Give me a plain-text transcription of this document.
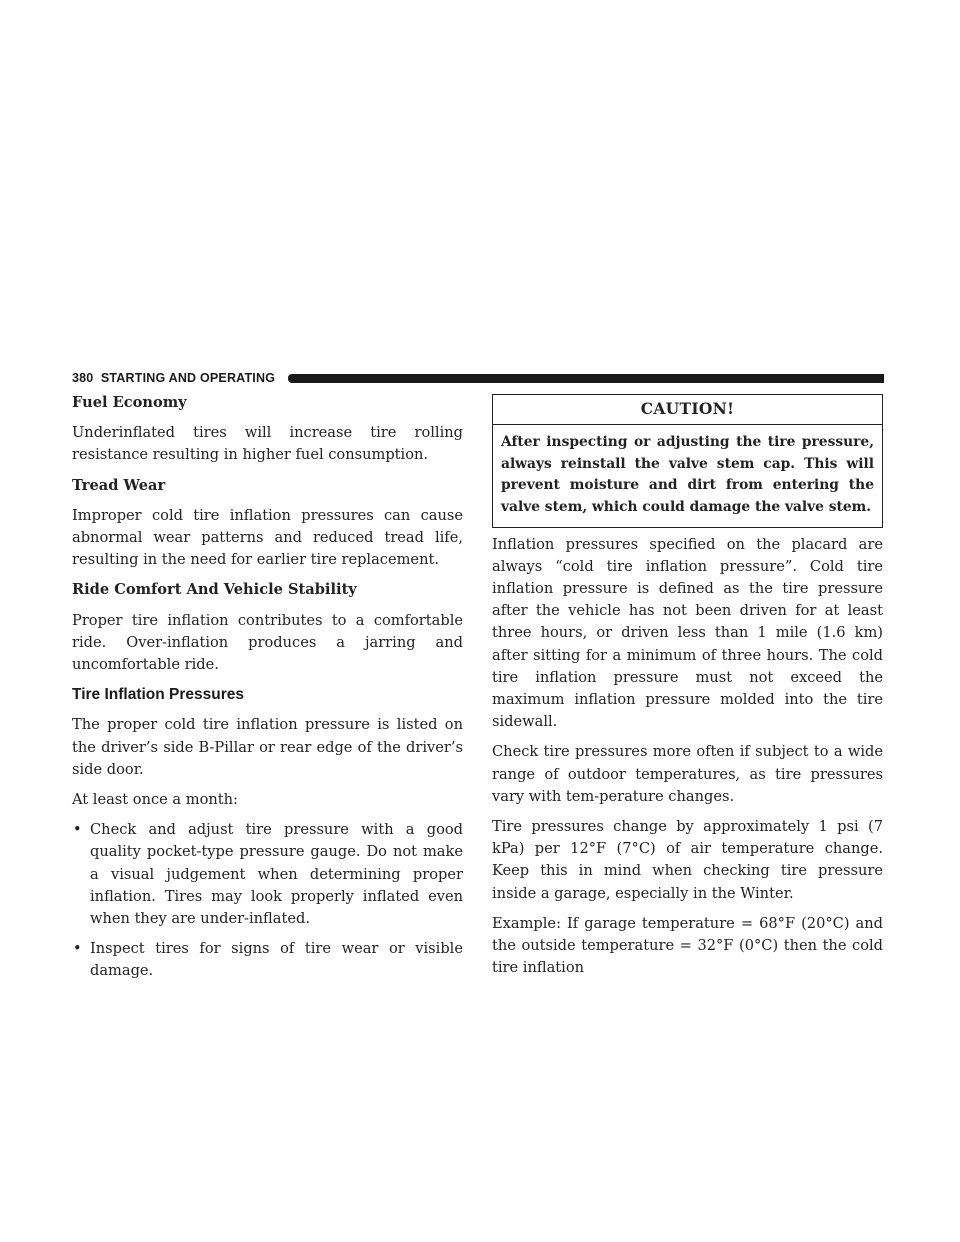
380 STARTING AND OPERATING
Fuel Economy

Underinflated tires will increase tire rolling resistance resulting in higher fuel consumption.

Tread Wear

Improper cold tire inflation pressures can cause abnormal wear patterns and reduced tread life, resulting in the need for earlier tire replacement.

Ride Comfort And Vehicle Stability

Proper tire inflation contributes to a comfortable ride. Over-inflation produces a jarring and uncomfortable ride.

Tire Inflation Pressures

The proper cold tire inflation pressure is listed on the driver’s side B-Pillar or rear edge of the driver’s side door.

At least once a month:

• Check and adjust tire pressure with a good quality pocket-type pressure gauge. Do not make a visual judgement when determining proper inflation. Tires may look properly inflated even when they are under-inflated.
• Inspect tires for signs of tire wear or visible damage.
CAUTION!
After inspecting or adjusting the tire pressure, always reinstall the valve stem cap. This will prevent moisture and dirt from entering the valve stem, which could damage the valve stem.

Inflation pressures specified on the placard are always “cold tire inflation pressure”. Cold tire inflation pressure is defined as the tire pressure after the vehicle has not been driven for at least three hours, or driven less than 1 mile (1.6 km) after sitting for a minimum of three hours. The cold tire inflation pressure must not exceed the maximum inflation pressure molded into the tire sidewall.

Check tire pressures more often if subject to a wide range of outdoor temperatures, as tire pressures vary with tem-perature changes.

Tire pressures change by approximately 1 psi (7 kPa) per 12°F (7°C) of air temperature change. Keep this in mind when checking tire pressure inside a garage, especially in the Winter.

Example: If garage temperature = 68°F (20°C) and the outside temperature = 32°F (0°C) then the cold tire inflation
